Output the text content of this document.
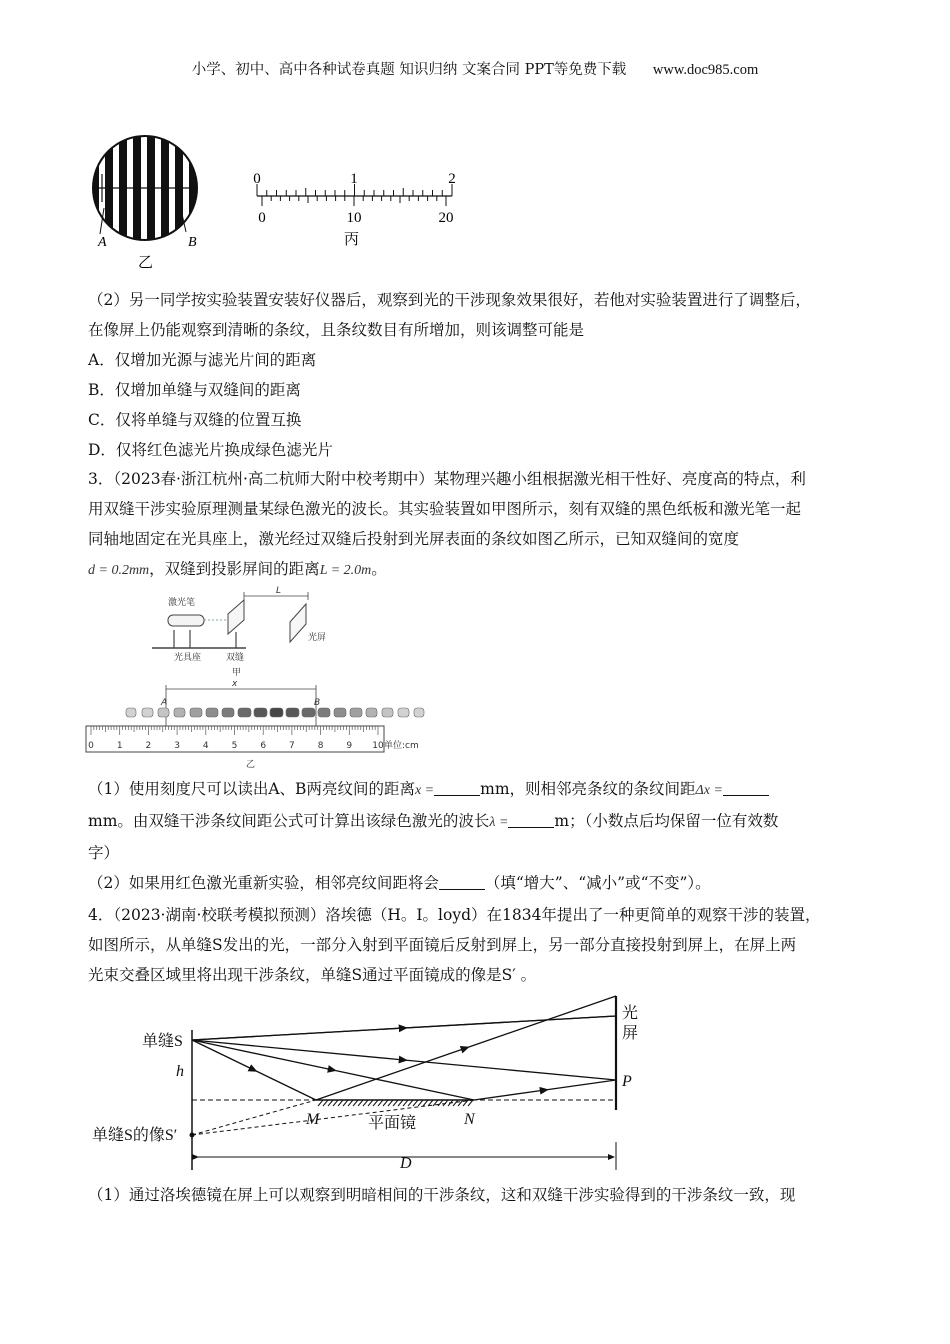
小学、初中、高中各种试卷真题 知识归纳 文案合同 PPT等免费下载 www.doc985.com
A	B
乙
0	1	2
0	10	20
丙
（2）另一同学按实验装置安装好仪器后，观察到光的干涉现象效果很好，若他对实验装置进行了调整后，
在像屏上仍能观察到清晰的条纹，且条纹数目有所增加，则该调整可能是
A．仅增加光源与滤光片间的距离
B．仅增加单缝与双缝间的距离
C．仅将单缝与双缝的位置互换
D．仅将红色滤光片换成绿色滤光片
3．（2023春·浙江杭州·高二杭师大附中校考期中）某物理兴趣小组根据激光相干性好、亮度高的特点，利
用双缝干涉实验原理测量某绿色激光的波长。其实验装置如甲图所示，刻有双缝的黑色纸板和激光笔一起
同轴地固定在光具座上，激光经过双缝后投射到光屏表面的条纹如图乙所示，已知双缝间的宽度
d = 0.2mm，双缝到投影屏间的距离L = 2.0m。
激光笔
光具座	双缝
光屏
L
甲
x
A	B
单位:cm
乙
0	1	2	3	4	5	6	7	8	9 10
（1）使用刻度尺可以读出A、B两亮纹间的距离x =	mm，则相邻亮条纹的条纹间距Δx =
mm。由双缝干涉条纹间距公式可计算出该绿色激光的波长λ =	m；（小数点后均保留一位有效数
字）
（2）如果用红色激光重新实验，相邻亮纹间距将会	（填“增大”、“减小”或“不变”）。
4．（2023·湖南·校联考模拟预测）洛埃德（H。I。loyd）在1834年提出了一种更简单的观察干涉的装置，
如图所示，从单缝S发出的光，一部分入射到平面镜后反射到屏上，另一部分直接投射到屏上，在屏上两
光束交叠区域里将出现干涉条纹，单缝S通过平面镜成的像是S′ 。
单缝S
h
单缝S的像S′
M	平面镜	N
光
屏
P
D
（1）通过洛埃德镜在屏上可以观察到明暗相间的干涉条纹，这和双缝干涉实验得到的干涉条纹一致，现
